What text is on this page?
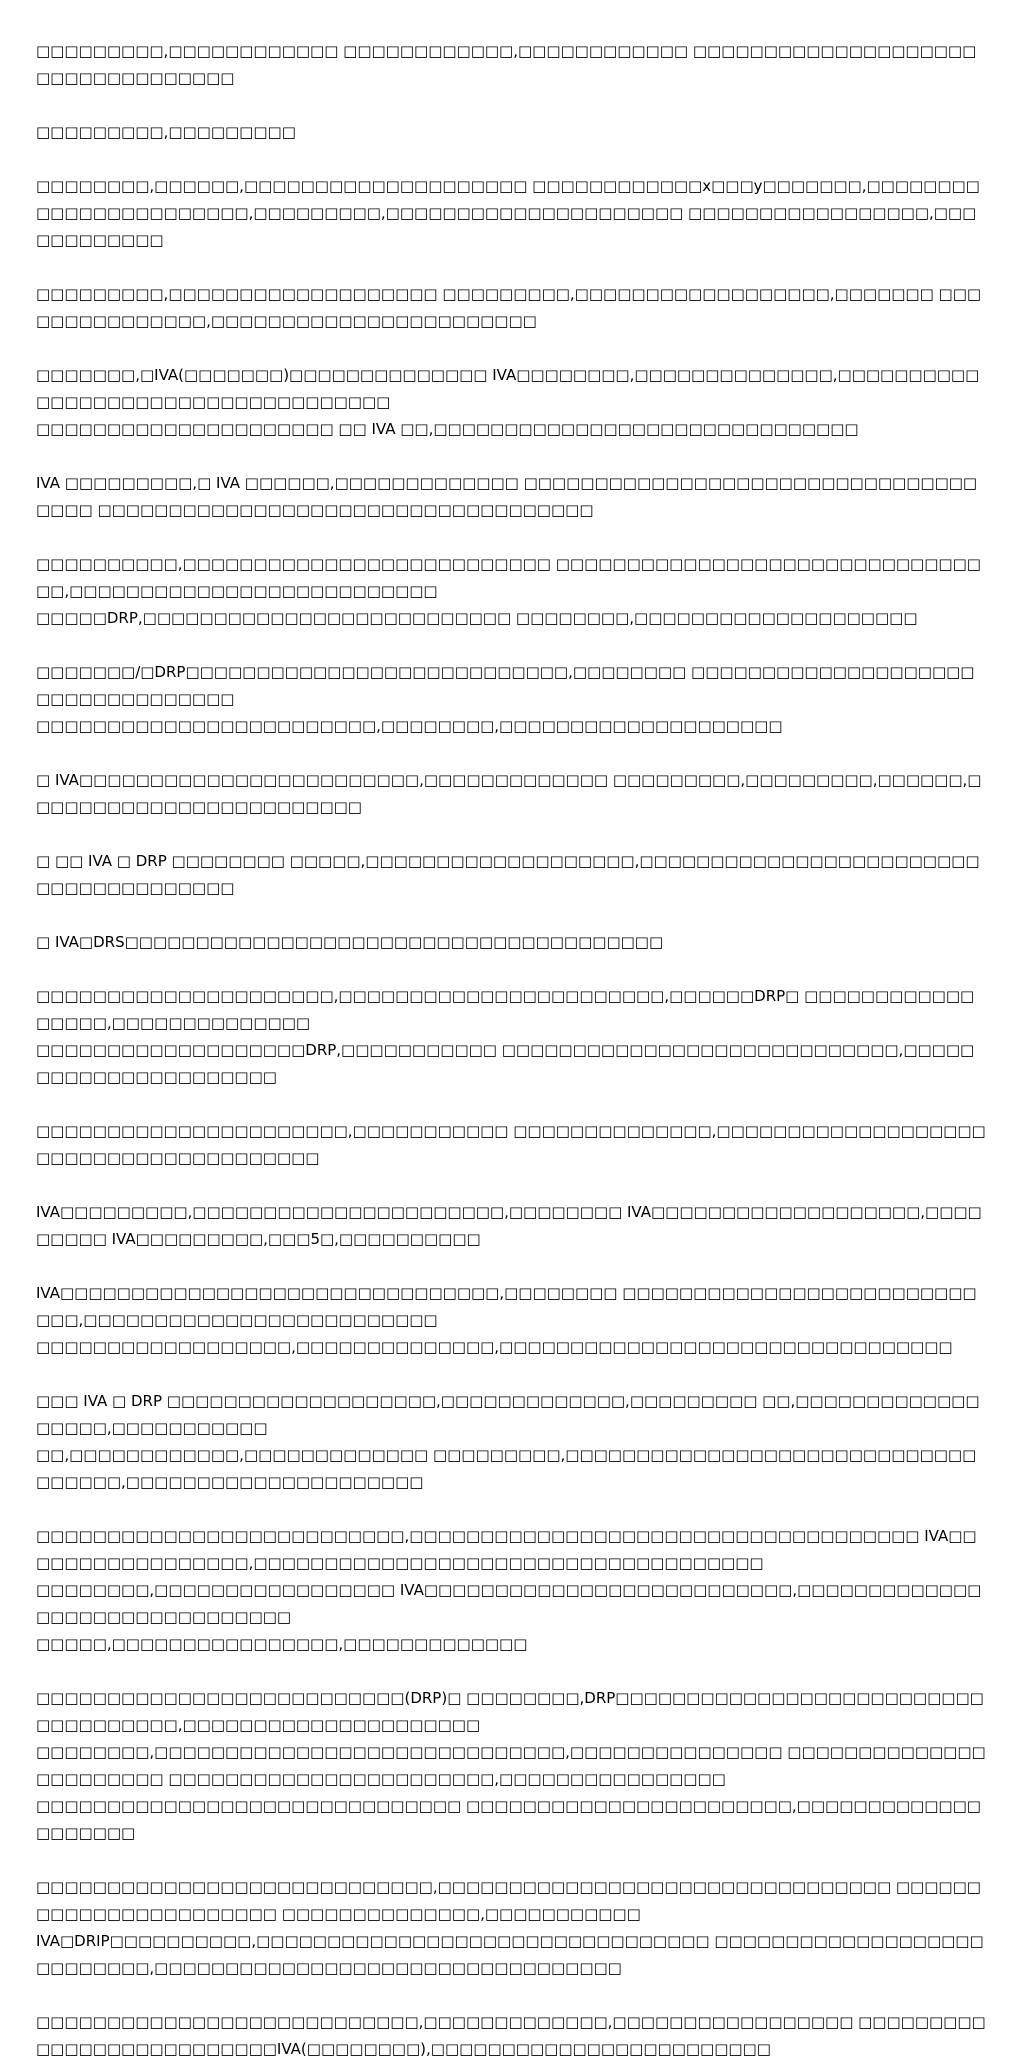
□□□□□□□□□,□□□□□□□□□□□□ □□□□□□□□□□□□,□□□□□□□□□□□□ □□□□□□□□□□□□□□□□□□□□□□□□□□□□□□□□□□

□□□□□□□□□,□□□□□□□□□

□□□□□□□□,□□□□□□,□□□□□□□□□□□□□□□□□□□□ □□□□□□□□□□□□x□□□y□□□□□□□,□□□□□□□□
□□□□□□□□□□□□□□□,□□□□□□□□□,□□□□□□□□□□□□□□□□□□□□□ □□□□□□□□□□□□□□□□□,□□□□□□□□□□□□

□□□□□□□□□,□□□□□□□□□□□□□□□□□□□ □□□□□□□□□,□□□□□□□□□□□□□□□□□□,□□□□□□□ □□□□□□□□□□□□□□□,□□□□□□□□□□□□□□□□□□□□□□□

□□□□□□□,□IVA(□□□□□□□)□□□□□□□□□□□□□□ IVA□□□□□□□□,□□□□□□□□□□□□□□,□□□□□□□□□□□□□□□□□□□□□□□□□□□□□□□□□□□
□□□□□□□□□□□□□□□□□□□□□ □□ IVA □□,□□□□□□□□□□□□□□□□□□□□□□□□□□□□□□

IVA □□□□□□□□□,□ IVA □□□□□□,□□□□□□□□□□□□□ □□□□□□□□□□□□□□□□□□□□□□□□□□□□□□□□□□□□ □□□□□□□□□□□□□□□□□□□□□□□□□□□□□□□□□□□

□□□□□□□□□□,□□□□□□□□□□□□□□□□□□□□□□□□□□ □□□□□□□□□□□□□□□□□□□□□□□□□□□□□□□□,□□□□□□□□□□□□□□□□□□□□□□□□□□
□□□□□DRP,□□□□□□□□□□□□□□□□□□□□□□□□□□ □□□□□□□□,□□□□□□□□□□□□□□□□□□□□

□□□□□□□/□DRP□□□□□□□□□□□□□□□□□□□□□□□□□□□,□□□□□□□□ □□□□□□□□□□□□□□□□□□□□□□□□□□□□□□□□□□
□□□□□□□□□□□□□□□□□□□□□□□□,□□□□□□□□,□□□□□□□□□□□□□□□□□□□□

□ IVA□□□□□□□□□□□□□□□□□□□□□□□□,□□□□□□□□□□□□□ □□□□□□□□□,□□□□□□□□□,□□□□□□,□□□□□□□□□□□□□□□□□□□□□□□□

□ □□ IVA □ DRP □□□□□□□□ □□□□□,□□□□□□□□□□□□□□□□□□□,□□□□□□□□□□□□□□□□□□□□□□□□□□□□□□□□□□□□□□

□ IVA□DRS□□□□□□□□□□□□□□□□□□□□□□□□□□□□□□□□□□□□□□

□□□□□□□□□□□□□□□□□□□□□,□□□□□□□□□□□□□□□□□□□□□□□,□□□□□□DRP□ □□□□□□□□□□□□□□□□□,□□□□□□□□□□□□□□
□□□□□□□□□□□□□□□□□□□DRP,□□□□□□□□□□□ □□□□□□□□□□□□□□□□□□□□□□□□□□□□,□□□□□□□□□□□□□□□□□□□□□□

□□□□□□□□□□□□□□□□□□□□□□,□□□□□□□□□□□ □□□□□□□□□□□□□□,□□□□□□□□□□□□□□□□□□□□□□□□□□□□□□□□□□□□□□□

IVA□□□□□□□□□,□□□□□□□□□□□□□□□□□□□□□□,□□□□□□□□ IVA□□□□□□□□□□□□□□□□□□□,□□□□□□□□□ IVA□□□□□□□□□,□□□5□,□□□□□□□□□□

IVA□□□□□□□□□□□□□□□□□□□□□□□□□□□□□□□,□□□□□□□□ □□□□□□□□□□□□□□□□□□□□□□□□□□□□,□□□□□□□□□□□□□□□□□□□□□□□□□
□□□□□□□□□□□□□□□□□□,□□□□□□□□□□□□□□,□□□□□□□□□□□□□□□□□□□□□□□□□□□□□□□□

□□□ IVA □ DRP □□□□□□□□□□□□□□□□□□□,□□□□□□□□□□□□□,□□□□□□□□□ □□,□□□□□□□□□□□□□□□□□□,□□□□□□□□□□□
□□,□□□□□□□□□□□□,□□□□□□□□□□□□□ □□□□□□□□□,□□□□□□□□□□□□□□□□□□□□□□□□□□□□□□□□□□□,□□□□□□□□□□□□□□□□□□□□□

□□□□□□□□□□□□□□□□□□□□□□□□□□,□□□□□□□□□□□□□□□□□□□□□□□□□□□□□□□□□□□□ IVA□□□□□□□□□□□□□□□□□,□□□□□□□□□□□□□□□□□□□□□□□□□□□□□□□□□□□□
□□□□□□□□,□□□□□□□□□□□□□□□□□ IVA□□□□□□□□□□□□□□□□□□□□□□□□□□,□□□□□□□□□□□□□□□□□□□□□□□□□□□□□□□
□□□□□,□□□□□□□□□□□□□□□□,□□□□□□□□□□□□□

□□□□□□□□□□□□□□□□□□□□□□□□□□(DRP)□ □□□□□□□□,DRP□□□□□□□□□□□□□□□□□□□□□□□□□□□□□□□□□□□□,□□□□□□□□□□□□□□□□□□□□□
□□□□□□□□,□□□□□□□□□□□□□□□□□□□□□□□□□□□□□,□□□□□□□□□□□□□□□ □□□□□□□□□□□□□□□□□□□□□□□ □□□□□□□□□□□□□□□□□□□□□□□,□□□□□□□□□□□□□□□□
□□□□□□□□□□□□□□□□□□□□□□□□□□□□□□ □□□□□□□□□□□□□□□□□□□□□□□,□□□□□□□□□□□□□□□□□□□□

□□□□□□□□□□□□□□□□□□□□□□□□□□□□,□□□□□□□□□□□□□□□□□□□□□□□□□□□□□□□□ □□□□□□□□□□□□□□□□□□□□□□□ □□□□□□□□□□□□□□,□□□□□□□□□□□
IVA□DRIP□□□□□□□□□□,□□□□□□□□□□□□□□□□□□□□□□□□□□□□□□□□ □□□□□□□□□□□□□□□□□□□□□□□□□□□,□□□□□□□□□□□□□□□□□□□□□□□□□□□□□□□□□

□□□□□□□□□□□□□□□□□□□□□□□□□□□,□□□□□□□□□□□□□,□□□□□□□□□□□□□□□□□ □□□□□□□□□□□□□□□□□□□□□□□□□□IVA(□□□□□□□□),□□□□□□□□□□□□□□□□□□□□□□□□
